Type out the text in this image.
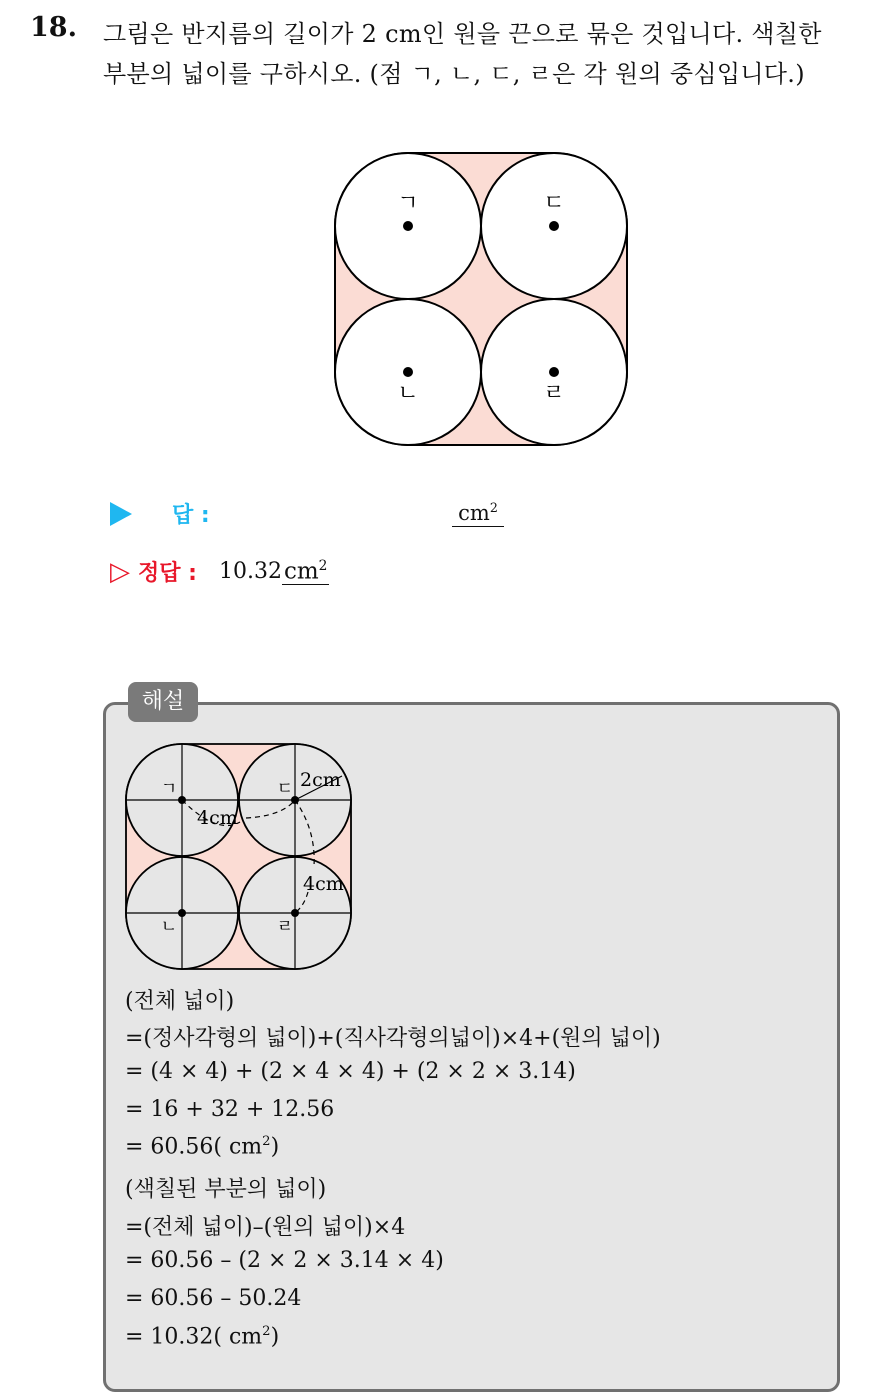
18. 그림은 반지름의 길이가 2 cm인 원을 끈으로 묶은 것입니다. 색칠한
부분의 넓이를 구하시오. (점 ㄱ, ㄴ, ㄷ, ㄹ은 각 원의 중심입니다.)
ㄱ	ㄷ
ㄴ	ㄹ
답 :	$cm^2$
▷ 정답 : 10.32 $cm^2$
해설
ㄱ	ㄷ
ㄴ	ㄹ
2cm
4cm
4cm
(전체 넓이)
=(정사각형의 넓이)+(직사각형의넓이)×4+(원의 넓이)
= (4 × 4) + (2 × 4 × 4) + (2 × 2 × 3.14)
= 16 + 32 + 12.56
= 60.56( $cm^2$)
(색칠된 부분의 넓이)
=(전체 넓이)–(원의 넓이)×4
= 60.56 – (2 × 2 × 3.14 × 4)
= 60.56 – 50.24
= 10.32( $cm^2$)
